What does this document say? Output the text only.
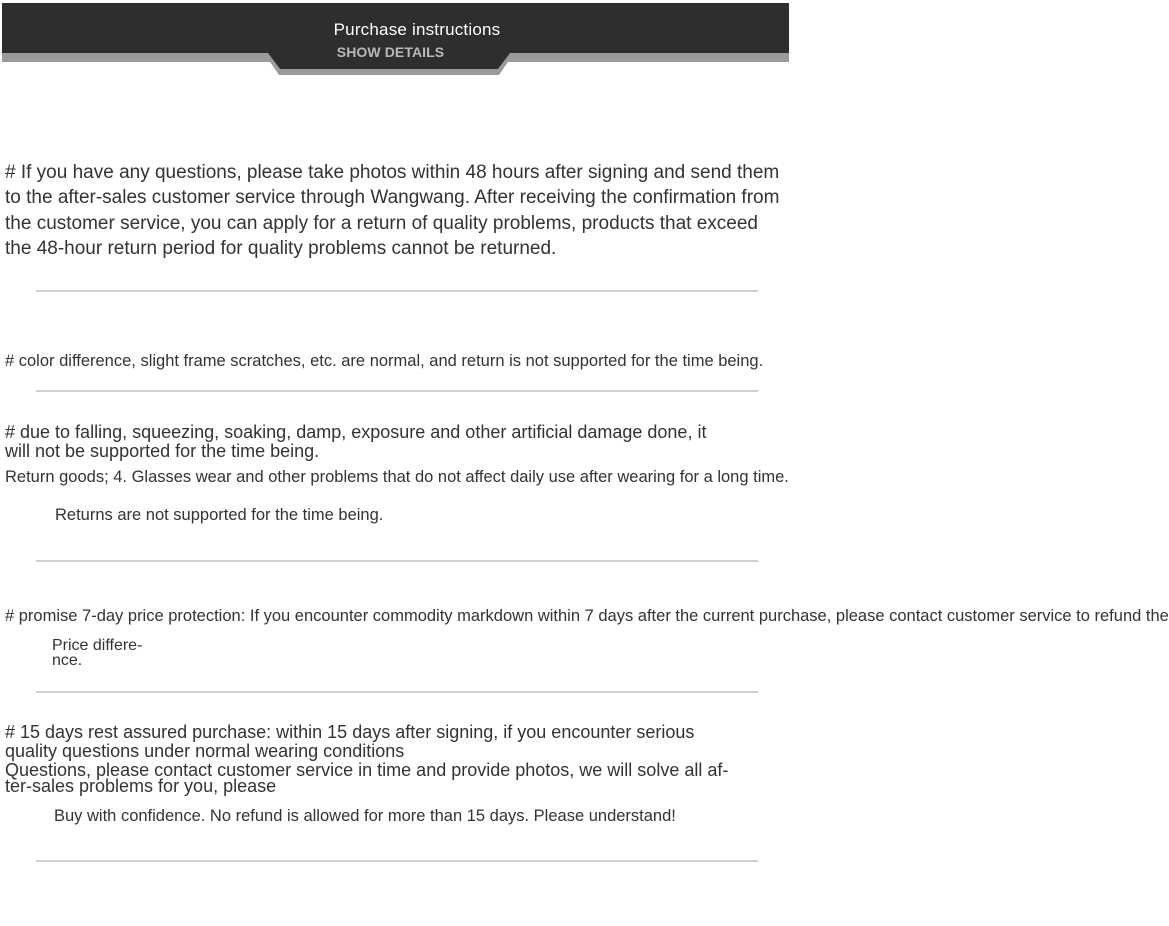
Purchase instructions
SHOW DETAILS
# If you have any questions, please take photos within 48 hours after signing and send them to the after-sales customer service through Wangwang. After receiving the confirmation from the customer service, you can apply for a return of quality problems, products that exceed the 48-hour return period for quality problems cannot be returned.
# color difference, slight frame scratches, etc. are normal, and return is not supported for the time being.
# due to falling, squeezing, soaking, damp, exposure and other artificial damage done, it
will not be supported for the time being.
Return goods; 4. Glasses wear and other problems that do not affect daily use after wearing for a long time.
Returns are not supported for the time being.
# promise 7-day price protection: If you encounter commodity markdown within 7 days after the current purchase, please contact customer service to refund the
Price differe-
nce.
# 15 days rest assured purchase: within 15 days after signing, if you encounter serious
quality questions under normal wearing conditions
Questions, please contact customer service in time and provide photos, we will solve all af-
ter-sales problems for you, please
Buy with confidence. No refund is allowed for more than 15 days. Please understand!
